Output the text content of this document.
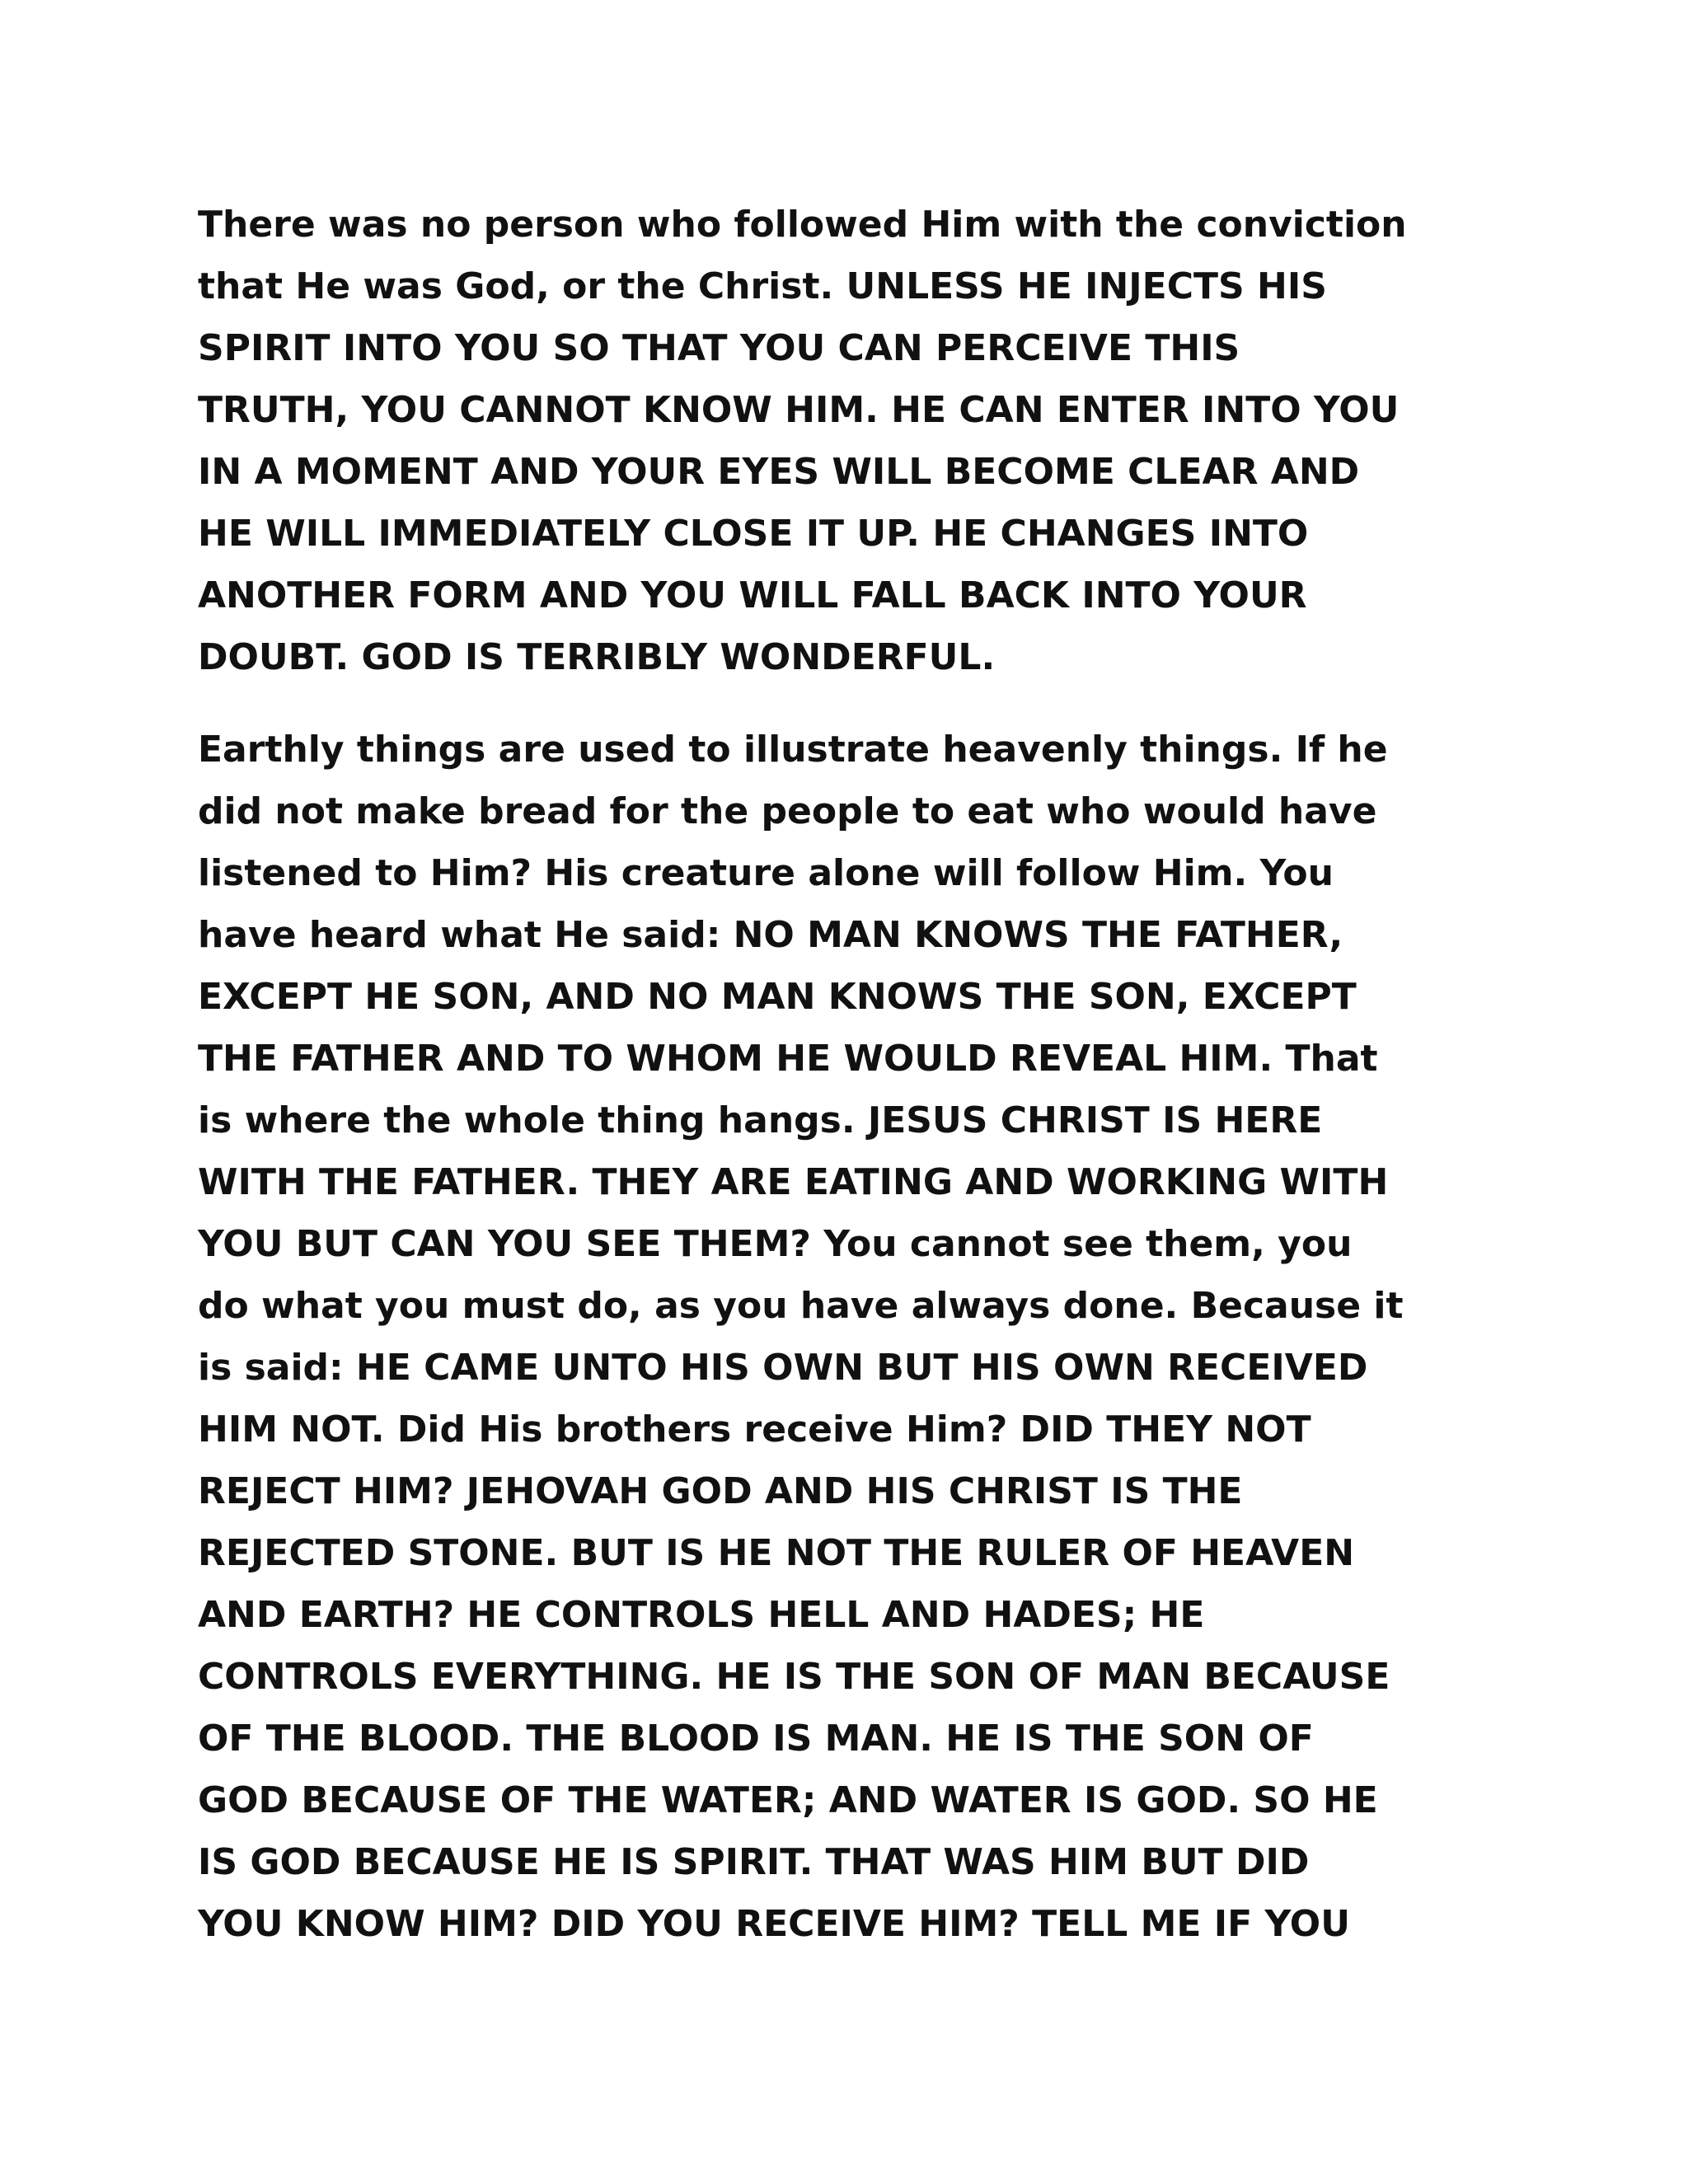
There was no person who followed Him with the conviction
that He was God, or the Christ. UNLESS HE INJECTS HIS
SPIRIT INTO YOU SO THAT YOU CAN PERCEIVE THIS
TRUTH, YOU CANNOT KNOW HIM. HE CAN ENTER INTO YOU
IN A MOMENT AND YOUR EYES WILL BECOME CLEAR AND
HE WILL IMMEDIATELY CLOSE IT UP. HE CHANGES INTO
ANOTHER FORM AND YOU WILL FALL BACK INTO YOUR
DOUBT. GOD IS TERRIBLY WONDERFUL.
Earthly things are used to illustrate heavenly things. If he
did not make bread for the people to eat who would have
listened to Him? His creature alone will follow Him. You
have heard what He said: NO MAN KNOWS THE FATHER,
EXCEPT HE SON, AND NO MAN KNOWS THE SON, EXCEPT
THE FATHER AND TO WHOM HE WOULD REVEAL HIM. That
is where the whole thing hangs. JESUS CHRIST IS HERE
WITH THE FATHER. THEY ARE EATING AND WORKING WITH
YOU BUT CAN YOU SEE THEM? You cannot see them, you
do what you must do, as you have always done. Because it
is said: HE CAME UNTO HIS OWN BUT HIS OWN RECEIVED
HIM NOT. Did His brothers receive Him? DID THEY NOT
REJECT HIM? JEHOVAH GOD AND HIS CHRIST IS THE
REJECTED STONE. BUT IS HE NOT THE RULER OF HEAVEN
AND EARTH? HE CONTROLS HELL AND HADES; HE
CONTROLS EVERYTHING. HE IS THE SON OF MAN BECAUSE
OF THE BLOOD. THE BLOOD IS MAN. HE IS THE SON OF
GOD BECAUSE OF THE WATER; AND WATER IS GOD. SO HE
IS GOD BECAUSE HE IS SPIRIT. THAT WAS HIM BUT DID
YOU KNOW HIM? DID YOU RECEIVE HIM? TELL ME IF YOU
